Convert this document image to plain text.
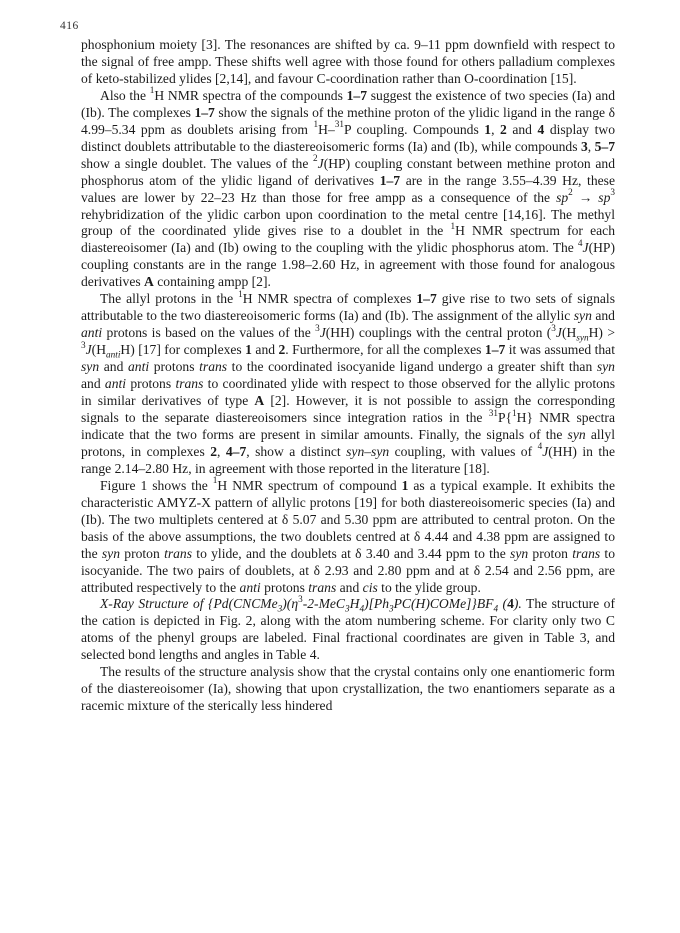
416

phosphonium moiety [3]. The resonances are shifted by ca. 9–11 ppm downfield with respect to the signal of free ampp. These shifts well agree with those found for others palladium complexes of keto-stabilized ylides [2,14], and favour C-coordination rather than O-coordination [15].

Also the $^1$H NMR spectra of the compounds 1–7 suggest the existence of two species (Ia) and (Ib). The complexes 1–7 show the signals of the methine proton of the ylidic ligand in the range δ 4.99–5.34 ppm as doublets arising from $^1$H–$^{31}$P coupling. Compounds 1, 2 and 4 display two distinct doublets attributable to the diastereoisomeric forms (Ia) and (Ib), while compounds 3, 5–7 show a single doublet. The values of the $^2$J(HP) coupling constant between methine proton and phosphorus atom of the ylidic ligand of derivatives 1–7 are in the range 3.55–4.39 Hz, these values are lower by 22–23 Hz than those for free ampp as a consequence of the $sp^2 \to sp^3$ rehybridization of the ylidic carbon upon coordination to the metal centre [14,16]. The methyl group of the coordinated ylide gives rise to a doublet in the $^1$H NMR spectrum for each diastereoisomer (Ia) and (Ib) owing to the coupling with the ylidic phosphorus atom. The $^4$J(HP) coupling constants are in the range 1.98–2.60 Hz, in agreement with those found for analogous derivatives A containing ampp [2].

The allyl protons in the $^1$H NMR spectra of complexes 1–7 give rise to two sets of signals attributable to the two diastereoisomeric forms (Ia) and (Ib). The assignment of the allylic syn and anti protons is based on the values of the $^3$J(HH) couplings with the central proton ($^3J(H_{syn}H) > ^3J(H_{anti}H)$ [17] for complexes 1 and 2. Furthermore, for all the complexes 1–7 it was assumed that syn and anti protons trans to the coordinated isocyanide ligand undergo a greater shift than syn and anti protons trans to coordinated ylide with respect to those observed for the allylic protons in similar derivatives of type A [2]. However, it is not possible to assign the corresponding signals to the separate diastereoisomers since integration ratios in the $^{31}$P{$^1$H} NMR spectra indicate that the two forms are present in similar amounts. Finally, the signals of the syn allyl protons, in complexes 2, 4–7, show a distinct syn–syn coupling, with values of $^4$J(HH) in the range 2.14–2.80 Hz, in agreement with those reported in the literature [18].

Figure 1 shows the $^1$H NMR spectrum of compound 1 as a typical example. It exhibits the characteristic AMYZ-X pattern of allylic protons [19] for both diastereoisomeric species (Ia) and (Ib). The two multiplets centered at δ 5.07 and 5.30 ppm are attributed to central proton. On the basis of the above assumptions, the two doublets centred at δ 4.44 and 4.38 ppm are assigned to the syn proton trans to ylide, and the doublets at δ 3.40 and 3.44 ppm to the syn proton trans to isocyanide. The two pairs of doublets, at δ 2.93 and 2.80 ppm and at δ 2.54 and 2.56 ppm, are attributed respectively to the anti protons trans and cis to the ylide group.

X-Ray Structure of $\{Pd(CNCMe_3)(\eta^3-2-MeC_3H_4)[Ph_3PC(H)COMe]\}BF_4$ (4). The structure of the cation is depicted in Fig. 2, along with the atom numbering scheme. For clarity only two C atoms of the phenyl groups are labeled. Final fractional coordinates are given in Table 3, and selected bond lengths and angles in Table 4.

The results of the structure analysis show that the crystal contains only one enantiomeric form of the diastereoisomer (Ia), showing that upon crystallization, the two enantiomers separate as a racemic mixture of the sterically less hindered
